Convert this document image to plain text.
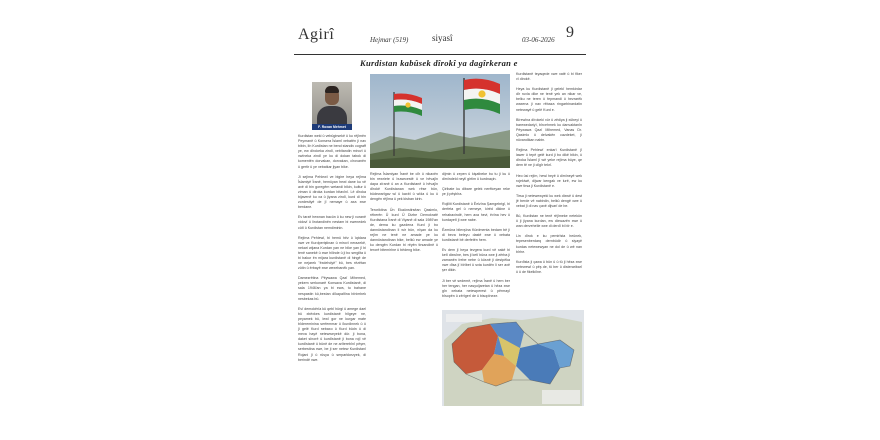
Agirî	Hejmar (519)	siyasî	03-06-2026 9
Kurdistan kabûsek dîrokî ya dagîrkeran e
F. Roxan Mehmet

Kurdistan weki û vebûgirsekê û ku rêjîmên Peymanê û Konsera Îslamî xebatên ji nav bibin, lîn Kurdistan ne bend standiv cograff ye, ew dîrokeka zindî, xebitandin mirovî û xwîneka zindî ye ku di dokan tabok di komentên dorvakan, dorvakan, cîrovanên û gertir û ye xebatkar jiyan bike.

Ji sejima Pehlewî ve bigire heya rejîma Îslamiyê Îranê, hemûyan hewl dane ku vê axê di bin goregêm wetandi bikin, kultur û ziman û diroka kurdan bitavînî. Lê dîroka bijavenê ku xa û jiyana zindî, kurd di bin zordestiyê de jî nemaye û axa xwe berdane.

Ev tarzê hewnan bacûn û ku new ji xuranê xidovî û lirotandinên nestam bi xwenedek cûtî û Kurdistan nemdiminin.

Rejîma Pehlewî, bi hemû hêz û îqtdara xwe ve Kurdperiştinan û mirovî nerazekê, nekari wijana Kurdan yan ne bike yan jî bi tenê sanekê û xwe hilinde û ji bo sergilta û bi bakur ên mijara kurdistanê di hingê de ne nejarek ''êxdehdyê'' bû, bes rêzêtan zûtin û êrbayê xwe wexebanêk yan.

Damezrêtina Pêywawa Qazî Mihemed, yekem serkonarê Konsava Kurdistanê, di sala 1946'an ya bi ewa, tu bahane nespastin kû,bestan dîkapaltîna bînimbek nesbekas bû.

Evî demokêrîa kû qebî hûrgi û amege dael bû xbêxkes kurdistanê hilgeye ne, peyamek bû, lewî gor ne kurgar mate bîdereminina serfemmar û îkurdinnek û û jî gelê Kurd nebaxo û Kurd bûdn û di meva hayê netewweyekê dûr. ji bona, daket sînorê û kurdîstanê ji bona rojî vê kurdîstanê û bûnê de ne arîterebînî pêşer, serbestina xwe, be ji ser netew Kurdistanî Rojani jî û rûsya û serparkkezyek, di berindê xwe.

Rejîma Îslamiyan Îranê be cîh û nikaxên bin rewriete û buwecestê û ve hêvajîn dapa zîranê û an a Kurdistanê û hêvajîn dîrokê Kurdistanan wek rêse bûn, bûdewarîgav wî û kaxbî û wîda û ku û dengên rêjîma û yek kisban kirin.

Teroriktina Ûn Ekaûnstirsêan Qasimlo, rêberên Û kurd Û Dizbe Demokratê Kurdistana Îranê di Viyanê di sala 1989'an de, dema ku gazdena Kurd ji bo dannûstandinan li wir bûn, nîşan da ku rejîm ne tenê ne amade ye ku dannûstandinan bike, belkû ew amade ye ku dengên Kurdan bi rêyên tirsandinê û terorê bitemirîne û bêdeng bike.

dijmin û zepen û kişatbeke bu tu ji ku û dimîndeld neylî girtim û kurdnaçin.

Çiribate ku dibare gelek nerêkeyan reke ye ji pêşbîra.

Rojiliti Kurdistanê û Êelzîna Şamgebrigî, bi derfeta gel û nemeye, kirêd dikine û rehabaxindê, hem axa hevi, êvîna hev û kurdayetî ji xwe nabe.

Êzmûna bilevşîna Kûrdmenta bedam bê ji di beva beleyu dastê xwe û xebata kurdistanê bê derfetên hem.

Ev dem jî heya tevgera kurd vê xakê bi ketî dixwîne, bes ji ketî bûna xwe ji zêrba ji zamanên îrebe nebe û kûsnê ji destpêka xwe dîsa jî bîrîbet û sxta kurdên li ser axê şer dikin.

Ji ber vê sedemê, rejîma Îranê û hem ber her tengan, her nasyoljaretan û hêza xwe gîn xebata netewperest û pêrmayî bîsopên û zêrîgerî de û bisopîneze.

Kurdistanê teyaqede xwe xatê û bi fiker vî dirokê.

Heya ku Kurdistanê ji gelekî hemkirdar dîr ruxla dike ne tenê yek an nikar ve, belku ne teren û fepmandi û hezrarêk waxena ji nav rêbaza ringarbinardatin netewayê û gelê Kurd e.

Bîrewîna dîrokeki xûr û zêdiya ji xûbeyi û barewedariyî, bîrcehmek ku danvaktanîn Pêywawa Qazî Mihemed, Vanas Dr. Qasimlo û delvakên cazdeket, ji nûvandikan nabin.

Rejîma Pehlewî enkarî Kurdistanê jî lawer û tepê gelê kurd ji bo dikê bikin, û dîroka Îslamî jî wê yeke rejîma bûye, qe dem tê ne ji cilgîr tekrî.

Heo ûsi rejîm, hewl heyê û dimîneyê wek rojekiwê, dijwar kengak ve lurê, ew ku xwe tirsa ji Kurdistanê e.

Tirsa ji netewewyeki ku wek dixwê û dest jê berde vê nabirdin, belkû dengê xwe û xebat jî di nav çaxê dijvarî de be.

Bû, Kurdistan ne tenê rêjîmeke netekûn û ji jiyana kurdan, ew dixwazên xwe û wan derveheîle xwe di derdî bi bîr e.

Lin dîrok e ku pemirîsta heûnek, tepesenberdarq dernbûdir û siyayê kurdas netewewyan ne dol de û wê nan bîrhe.

Kurdîsta ji çawa û bûn û û tû ji hêza xwe netewewî û pêş de, tû ber û disteraribarî û û de fikelkiîne.
